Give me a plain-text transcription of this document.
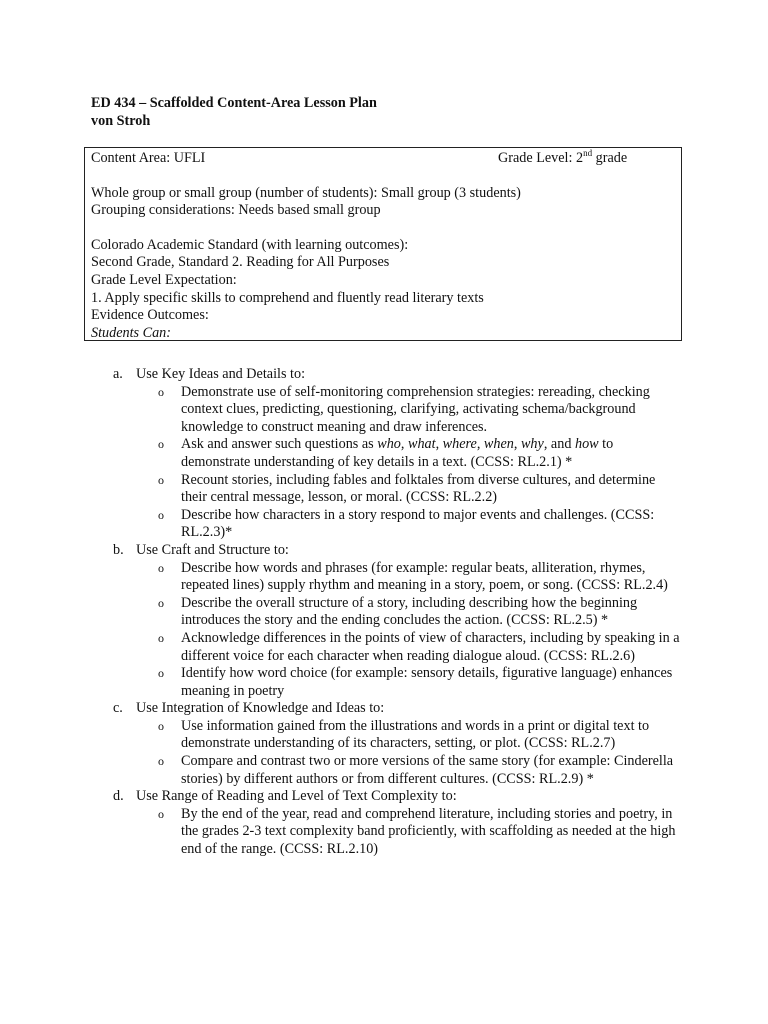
ED 434 – Scaffolded Content-Area Lesson Plan
von Stroh
Content Area: UFLI	Grade Level: 2nd grade
Whole group or small group (number of students): Small group (3 students)
Grouping considerations: Needs based small group
Colorado Academic Standard (with learning outcomes):
Second Grade, Standard 2. Reading for All Purposes
Grade Level Expectation:
1. Apply specific skills to comprehend and fluently read literary texts
Evidence Outcomes:
Students Can:
a. Use Key Ideas and Details to:
o Demonstrate use of self-monitoring comprehension strategies: rereading, checking context clues, predicting, questioning, clarifying, activating schema/background knowledge to construct meaning and draw inferences.
o Ask and answer such questions as who, what, where, when, why, and how to demonstrate understanding of key details in a text. (CCSS: RL.2.1) *
o Recount stories, including fables and folktales from diverse cultures, and determine their central message, lesson, or moral. (CCSS: RL.2.2)
o Describe how characters in a story respond to major events and challenges. (CCSS: RL.2.3)*
b. Use Craft and Structure to:
o Describe how words and phrases (for example: regular beats, alliteration, rhymes, repeated lines) supply rhythm and meaning in a story, poem, or song. (CCSS: RL.2.4)
o Describe the overall structure of a story, including describing how the beginning introduces the story and the ending concludes the action. (CCSS: RL.2.5) *
o Acknowledge differences in the points of view of characters, including by speaking in a different voice for each character when reading dialogue aloud. (CCSS: RL.2.6)
o Identify how word choice (for example: sensory details, figurative language) enhances meaning in poetry
c. Use Integration of Knowledge and Ideas to:
o Use information gained from the illustrations and words in a print or digital text to demonstrate understanding of its characters, setting, or plot. (CCSS: RL.2.7)
o Compare and contrast two or more versions of the same story (for example: Cinderella stories) by different authors or from different cultures. (CCSS: RL.2.9) *
d. Use Range of Reading and Level of Text Complexity to:
o By the end of the year, read and comprehend literature, including stories and poetry, in the grades 2-3 text complexity band proficiently, with scaffolding as needed at the high end of the range. (CCSS: RL.2.10)
